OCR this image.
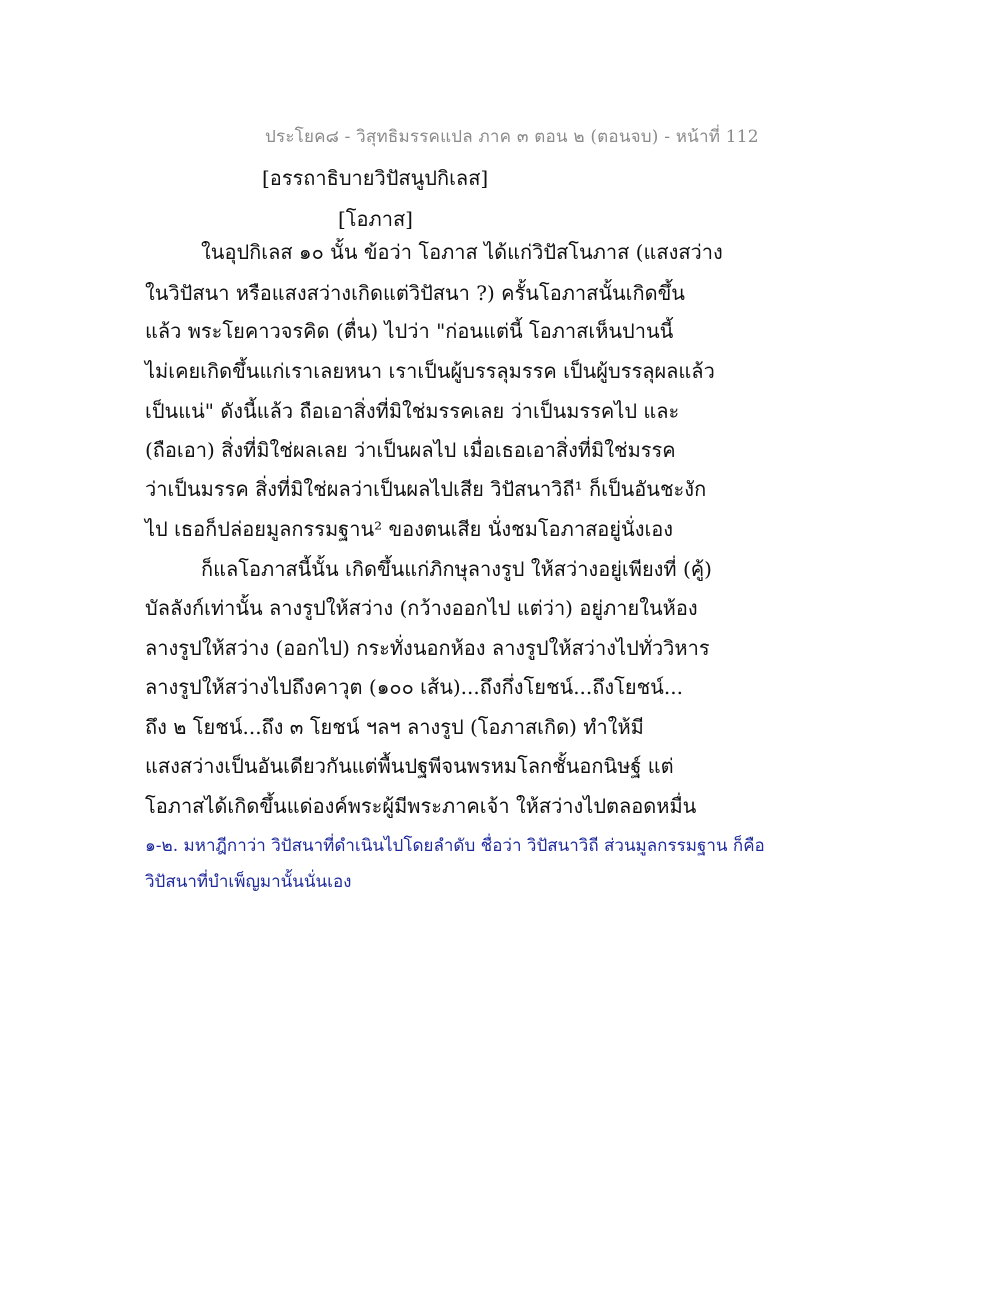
ประโยค๘ - วิสุทธิมรรคแปล ภาค ๓ ตอน ๒ (ตอนจบ) - หน้าที่ 112
[อรรถาธิบายวิปัสนูปกิเลส]
[โอภาส]
ในอุปกิเลส ๑๐ นั้น ข้อว่า โอภาส ได้แก่วิปัสโนภาส (แสงสว่าง
ในวิปัสนา หรือแสงสว่างเกิดแต่วิปัสนา ?) ครั้นโอภาสนั้นเกิดขึ้น
แล้ว พระโยคาวจรคิด (ตื่น) ไปว่า "ก่อนแต่นี้ โอภาสเห็นปานนี้
ไม่เคยเกิดขึ้นแก่เราเลยหนา เราเป็นผู้บรรลุมรรค เป็นผู้บรรลุผลแล้ว
เป็นแน่" ดังนี้แล้ว ถือเอาสิ่งที่มิใช่มรรคเลย ว่าเป็นมรรคไป และ
(ถือเอา) สิ่งที่มิใช่ผลเลย ว่าเป็นผลไป เมื่อเธอเอาสิ่งที่มิใช่มรรค
ว่าเป็นมรรค สิ่งที่มิใช่ผลว่าเป็นผลไปเสีย วิปัสนาวิถี¹ ก็เป็นอันชะงัก
ไป เธอก็ปล่อยมูลกรรมฐาน² ของตนเสีย นั่งชมโอภาสอยู่นั่งเอง
ก็แลโอภาสนี้นั้น เกิดขึ้นแก่ภิกษุลางรูป ให้สว่างอยู่เพียงที่ (คู้)
บัลลังก์เท่านั้น ลางรูปให้สว่าง (กว้างออกไป แต่ว่า) อยู่ภายในห้อง
ลางรูปให้สว่าง (ออกไป) กระทั่งนอกห้อง ลางรูปให้สว่างไปทั่ววิหาร
ลางรูปให้สว่างไปถึงคาวุต (๑๐๐ เส้น)...ถึงกึ่งโยชน์...ถึงโยชน์...
ถึง ๒ โยชน์...ถึง ๓ โยชน์ ฯลฯ ลางรูป (โอภาสเกิด) ทำให้มี
แสงสว่างเป็นอันเดียวกันแต่พื้นปฐพีจนพรหมโลกชั้นอกนิษฐ์ แต่
โอภาสได้เกิดขึ้นแด่องค์พระผู้มีพระภาคเจ้า ให้สว่างไปตลอดหมื่น
๑-๒. มหาฎีกาว่า วิปัสนาที่ดำเนินไปโดยลำดับ ชื่อว่า วิปัสนาวิถี ส่วนมูลกรรมฐาน ก็คือ
วิปัสนาที่บำเพ็ญมานั้นนั่นเอง
